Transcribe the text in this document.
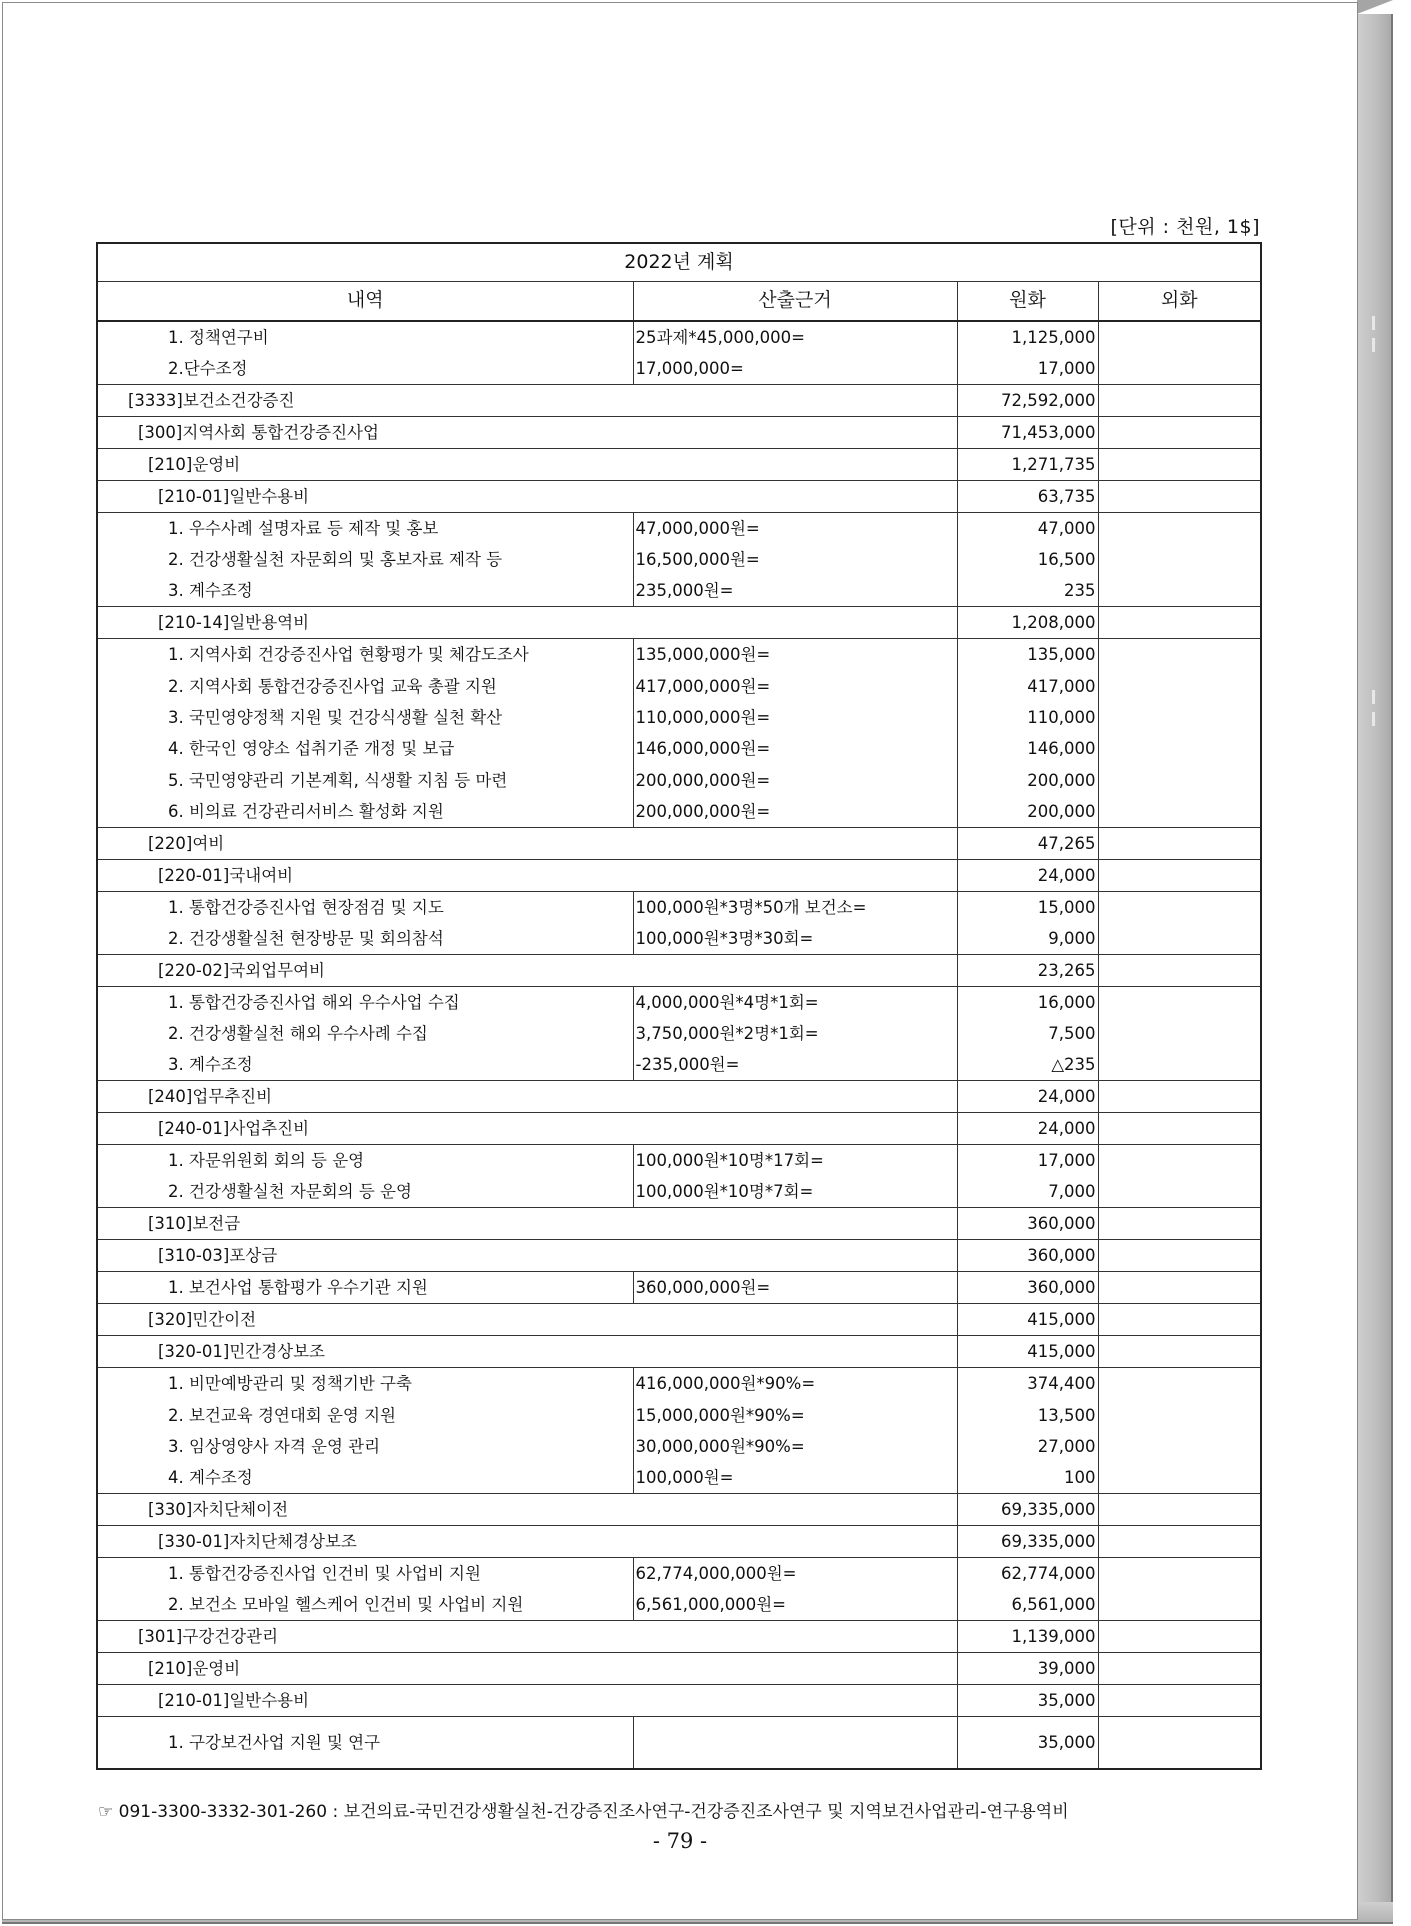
[단위 : 천원, 1$]
2022년 계획			
내역	산출근거	원화	외화
1. 정책연구비	25과제*45,000,000=	1,125,000	
2.단수조정	17,000,000=	17,000	
[3333]보건소건강증진		72,592,000	
[300]지역사회 통합건강증진사업		71,453,000	
[210]운영비		1,271,735	
[210-01]일반수용비		63,735	
1. 우수사례 설명자료 등 제작 및 홍보	47,000,000원=	47,000	
2. 건강생활실천 자문회의 및 홍보자료 제작 등	16,500,000원=	16,500	
3. 계수조정	235,000원=	235	
[210-14]일반용역비		1,208,000	
1. 지역사회 건강증진사업 현황평가 및 체감도조사	135,000,000원=	135,000	
2. 지역사회 통합건강증진사업 교육 총괄 지원	417,000,000원=	417,000	
3. 국민영양정책 지원 및 건강식생활 실천 확산	110,000,000원=	110,000	
4. 한국인 영양소 섭취기준 개정 및 보급	146,000,000원=	146,000	
5. 국민영양관리 기본계획, 식생활 지침 등 마련	200,000,000원=	200,000	
6. 비의료 건강관리서비스 활성화 지원	200,000,000원=	200,000	
[220]여비		47,265	
[220-01]국내여비		24,000	
1. 통합건강증진사업 현장점검 및 지도	100,000원*3명*50개 보건소=	15,000	
2. 건강생활실천 현장방문 및 회의참석	100,000원*3명*30회=	9,000	
[220-02]국외업무여비		23,265	
1. 통합건강증진사업 해외 우수사업 수집	4,000,000원*4명*1회=	16,000	
2. 건강생활실천 해외 우수사례 수집	3,750,000원*2명*1회=	7,500	
3. 계수조정	-235,000원=	△235	
[240]업무추진비		24,000	
[240-01]사업추진비		24,000	
1. 자문위원회 회의 등 운영	100,000원*10명*17회=	17,000	
2. 건강생활실천 자문회의 등 운영	100,000원*10명*7회=	7,000	
[310]보전금		360,000	
[310-03]포상금		360,000	
1. 보건사업 통합평가 우수기관 지원	360,000,000원=	360,000	
[320]민간이전		415,000	
[320-01]민간경상보조		415,000	
1. 비만예방관리 및 정책기반 구축	416,000,000원*90%=	374,400	
2. 보건교육 경연대회 운영 지원	15,000,000원*90%=	13,500	
3. 임상영양사 자격 운영 관리	30,000,000원*90%=	27,000	
4. 계수조정	100,000원=	100	
[330]자치단체이전		69,335,000	
[330-01]자치단체경상보조		69,335,000	
1. 통합건강증진사업 인건비 및 사업비 지원	62,774,000,000원=	62,774,000	
2. 보건소 모바일 헬스케어 인건비 및 사업비 지원	6,561,000,000원=	6,561,000	
[301]구강건강관리		1,139,000	
[210]운영비		39,000	
[210-01]일반수용비		35,000	
1. 구강보건사업 지원 및 연구		35,000	
☞ 091-3300-3332-301-260 : 보건의료-국민건강생활실천-건강증진조사연구-건강증진조사연구 및 지역보건사업관리-연구용역비
- 79 -
